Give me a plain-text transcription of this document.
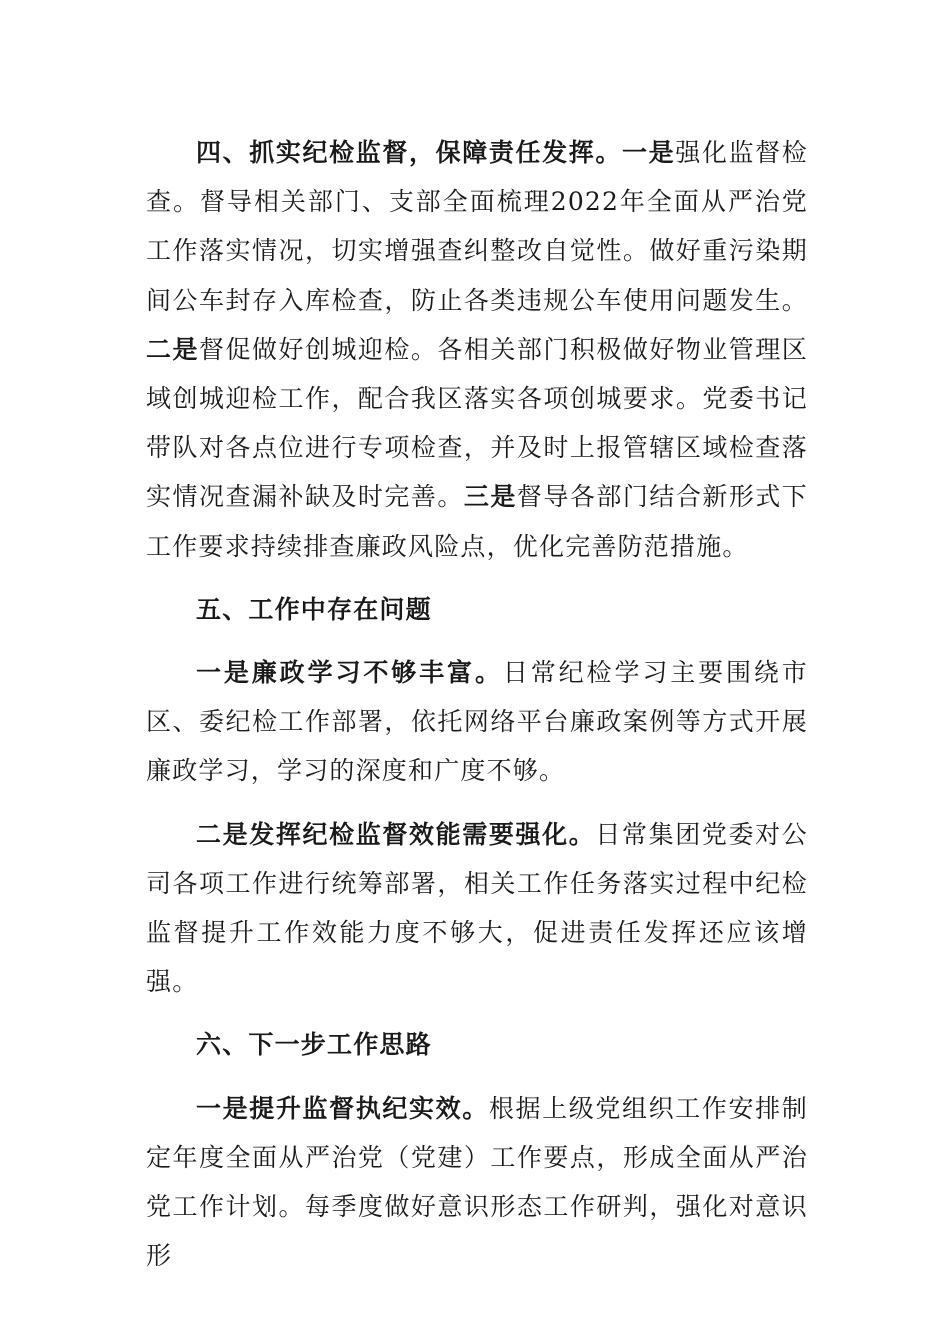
四、抓实纪检监督，保障责任发挥。一是强化监督检查。督导相关部门、支部全面梳理2022年全面从严治党工作落实情况，切实增强查纠整改自觉性。做好重污染期间公车封存入库检查，防止各类违规公车使用问题发生。二是督促做好创城迎检。各相关部门积极做好物业管理区域创城迎检工作，配合我区落实各项创城要求。党委书记带队对各点位进行专项检查，并及时上报管辖区域检查落实情况查漏补缺及时完善。三是督导各部门结合新形式下工作要求持续排查廉政风险点，优化完善防范措施。

五、工作中存在问题

一是廉政学习不够丰富。日常纪检学习主要围绕市区、委纪检工作部署，依托网络平台廉政案例等方式开展廉政学习，学习的深度和广度不够。

二是发挥纪检监督效能需要强化。日常集团党委对公司各项工作进行统筹部署，相关工作任务落实过程中纪检监督提升工作效能力度不够大，促进责任发挥还应该增强。

六、下一步工作思路

一是提升监督执纪实效。根据上级党组织工作安排制定年度全面从严治党（党建）工作要点，形成全面从严治党工作计划。每季度做好意识形态工作研判，强化对意识形
